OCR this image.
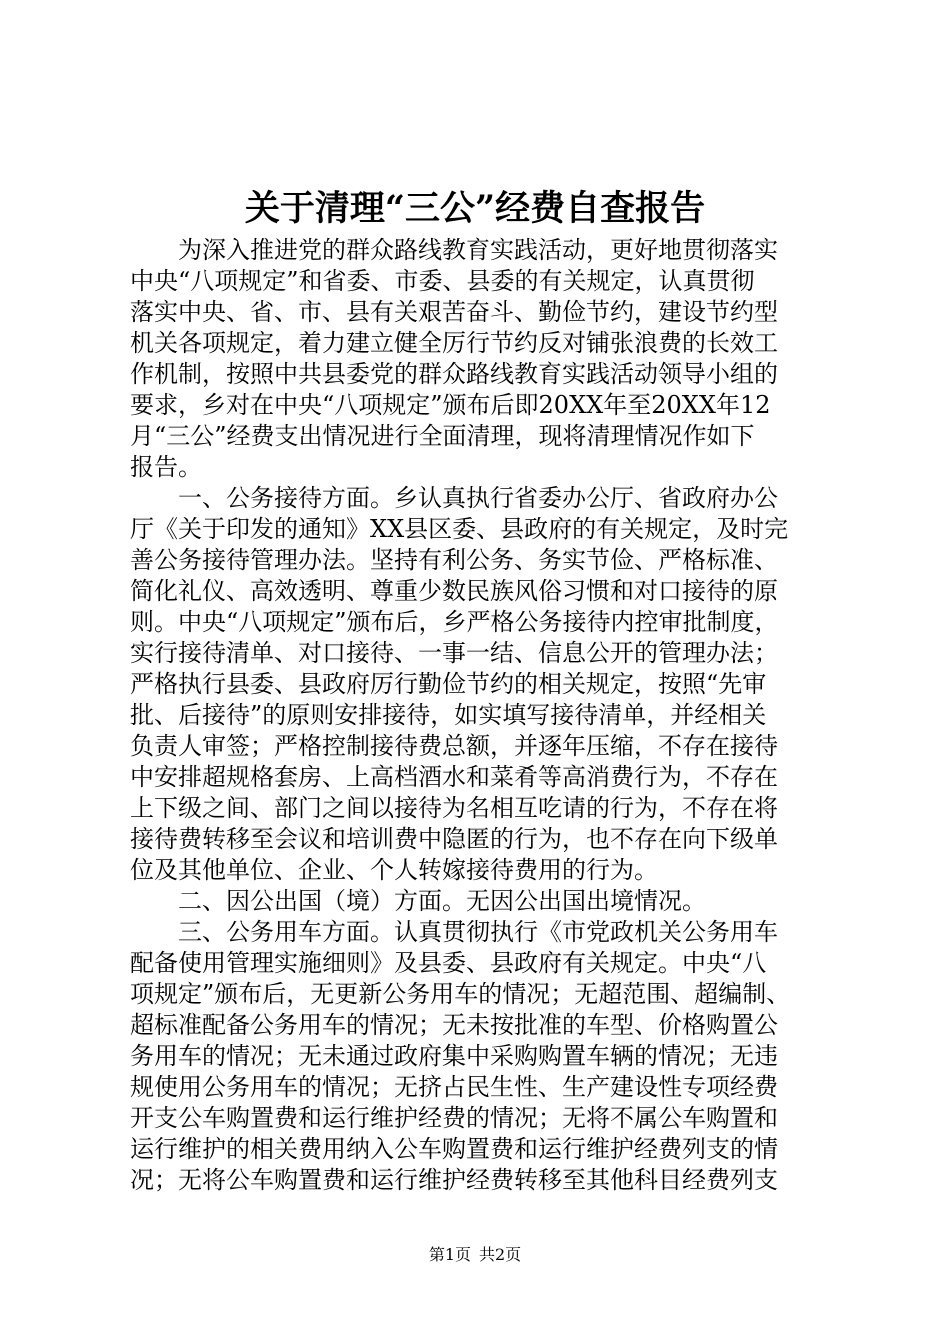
关于清理“三公”经费自查报告
为深入推进党的群众路线教育实践活动，更好地贯彻落实
中央“八项规定”和省委、市委、县委的有关规定，认真贯彻
落实中央、省、市、县有关艰苦奋斗、勤俭节约，建设节约型
机关各项规定，着力建立健全厉行节约反对铺张浪费的长效工
作机制，按照中共县委党的群众路线教育实践活动领导小组的
要求，乡对在中央“八项规定”颁布后即20XX年至20XX年12
月“三公”经费支出情况进行全面清理，现将清理情况作如下
报告。
一、公务接待方面。乡认真执行省委办公厅、省政府办公
厅《关于印发的通知》XX县区委、县政府的有关规定，及时完
善公务接待管理办法。坚持有利公务、务实节俭、严格标准、
简化礼仪、高效透明、尊重少数民族风俗习惯和对口接待的原
则。中央“八项规定”颁布后，乡严格公务接待内控审批制度，
实行接待清单、对口接待、一事一结、信息公开的管理办法；
严格执行县委、县政府厉行勤俭节约的相关规定，按照“先审
批、后接待”的原则安排接待，如实填写接待清单，并经相关
负责人审签；严格控制接待费总额，并逐年压缩，不存在接待
中安排超规格套房、上高档酒水和菜肴等高消费行为，不存在
上下级之间、部门之间以接待为名相互吃请的行为，不存在将
接待费转移至会议和培训费中隐匿的行为，也不存在向下级单
位及其他单位、企业、个人转嫁接待费用的行为。
二、因公出国（境）方面。无因公出国出境情况。
三、公务用车方面。认真贯彻执行《市党政机关公务用车
配备使用管理实施细则》及县委、县政府有关规定。中央“八
项规定”颁布后，无更新公务用车的情况；无超范围、超编制、
超标准配备公务用车的情况；无未按批准的车型、价格购置公
务用车的情况；无未通过政府集中采购购置车辆的情况；无违
规使用公务用车的情况；无挤占民生性、生产建设性专项经费
开支公车购置费和运行维护经费的情况；无将不属公车购置和
运行维护的相关费用纳入公车购置费和运行维护经费列支的情
况；无将公车购置费和运行维护经费转移至其他科目经费列支
第1页 共2页
